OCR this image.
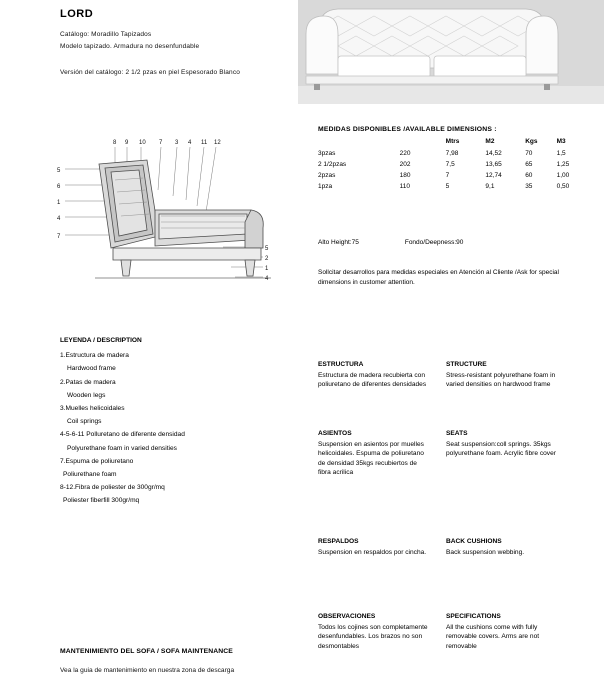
LORD
Catálogo: Moradillo Tapizados
Modelo tapizado. Armadura no desenfundable
Versión del catálogo: 2 1/2 pzas en piel Espesorado Blanco
MEDIDAS DISPONIBLES /AVAILABLE DIMENSIONS :
		Mtrs	M2	Kgs	M3
3pzas	220	7,98	14,52	70	1,5
2 1/2pzas	202	7,5	13,65	65	1,25
2pzas	180	7	12,74	60	1,00
1pza	110	5	9,1	35	0,50
Alto Height:75	Fondo/Deepness:90
Sollcitar desarrollos para medidas especiales en Atención al Cliente /Ask for special dimensions in customer attention.
8 9 10 7 3 4 11 12
5
6
1
4
7
5
2
1
4
LEYENDA / DESCRIPTION
1.Estructura de madera
Hardwood frame
2.Patas de madera
Wooden legs
3.Muelles helicoidales
Coil springs
4-5-6-11 Polluretano de diferente densidad
Polyurethane foam in varied densities
7.Espuma de poliuretano
Poliurethane foam
8-12.Fibra de poliester de 300gr/mq
Poliester fiberfill 300gr/mq
ESTRUCTURA
Estructura de madera recubierta con poliuretano de diferentes densidades
STRUCTURE
Stress-resistant polyurethane foam in varied densities on hardwood frame
ASIENTOS
Suspension en asientos por muelles helicoidales. Espuma de poliuretano de densidad 35kgs recubiertos de fibra acrilica
SEATS
Seat suspension:coll springs. 35kgs polyurethane foam. Acrylic fibre cover
RESPALDOS
Suspension en respaldos por cincha.
BACK CUSHIONS
Back suspension webbing.
OBSERVACIONES
Todos los cojines son completamente desenfundables. Los brazos no son desmontables
SPECIFICATIONS
All the cushions come with fully removable covers. Arms are not removable
MANTENIMIENTO DEL SOFA / SOFA MAINTENANCE
Vea la guia de mantenimiento en nuestra zona de descarga
